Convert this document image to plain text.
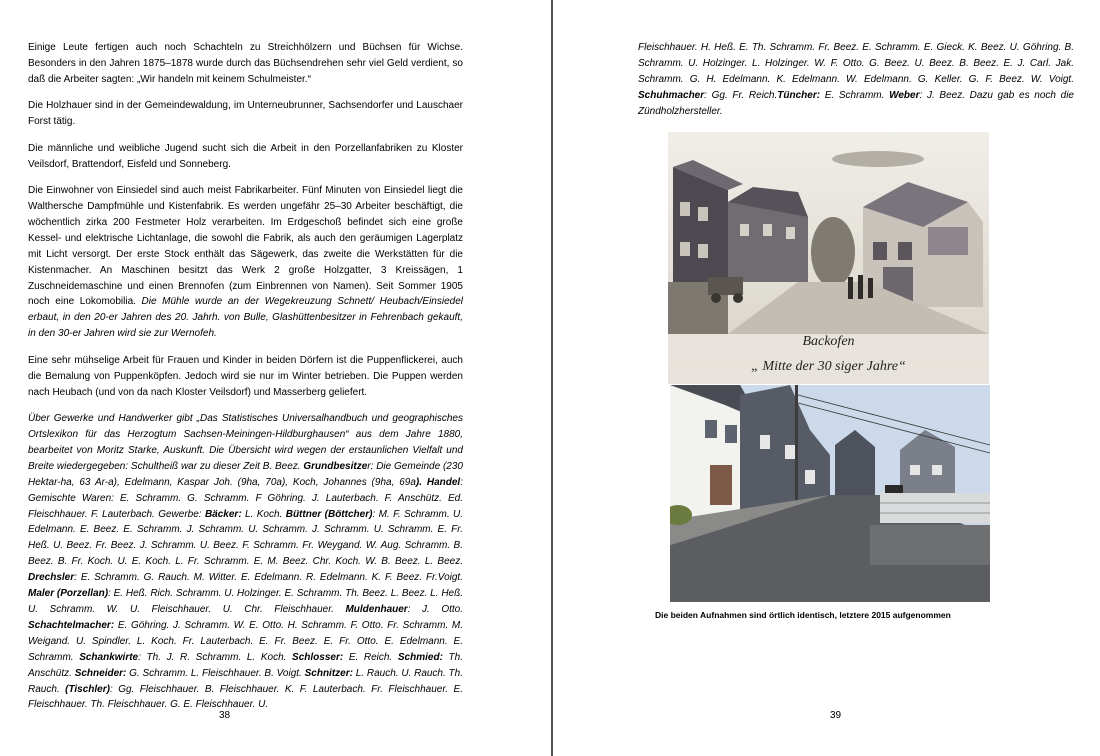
Einige Leute fertigen auch noch Schachteln zu Streichhölzern und Büchsen für Wichse. Besonders in den Jahren 1875–1878 wurde durch das Büchsendrehen sehr viel Geld verdient, so daß die Arbeiter sagten: „Wir handeln mit keinem Schulmeister.“

Die Holzhauer sind in der Gemeindewaldung, im Unterneubrunner, Sachsendorfer und Lauschaer Forst tätig.

Die männliche und weibliche Jugend sucht sich die Arbeit in den Porzellanfabriken zu Kloster Veilsdorf, Brattendorf, Eisfeld und Sonneberg.

Die Einwohner von Einsiedel sind auch meist Fabrikarbeiter. Fünf Minuten von Einsiedel liegt die Walthersche Dampfmühle und Kistenfabrik. Es werden ungefähr 25–30 Arbeiter beschäftigt, die wöchentlich zirka 200 Festmeter Holz verarbeiten. Im Erdgeschoß befindet sich eine große Kessel- und elektrische Lichtanlage, die sowohl die Fabrik, als auch den geräumigen Lagerplatz mit Licht versorgt. Der erste Stock enthält das Sägewerk, das zweite die Werkstätten für die Kistenmacher. An Maschinen besitzt das Werk 2 große Holzgatter, 3 Kreissägen, 1 Zuschneidemaschine und einen Brennofen (zum Einbrennen von Namen). Seit Sommer 1905 noch eine Lokomobilia. Die Mühle wurde an der Wegekreuzung Schnett/ Heubach/Einsiedel erbaut, in den 20-er Jahren des 20. Jahrh. von Bulle, Glashüttenbesitzer in Fehrenbach gekauft, in den 30-er Jahren wird sie zur Wernofeh.

Eine sehr mühselige Arbeit für Frauen und Kinder in beiden Dörfern ist die Puppenflickerei, auch die Bemalung von Puppenköpfen. Jedoch wird sie nur im Winter betrieben. Die Puppen werden nach Heubach (und von da nach Kloster Veilsdorf) und Masserberg geliefert.

Über Gewerke und Handwerker gibt „Das Statistisches Universalhandbuch und geographisches Ortslexikon für das Herzogtum Sachsen-Meiningen-Hildburghausen“ aus dem Jahre 1880, bearbeitet von Moritz Starke, Auskunft. Die Übersicht wird wegen der erstaunlichen Vielfalt und Breite wiedergegeben: Schultheiß war zu dieser Zeit B. Beez. Grundbesitzer: Die Gemeinde (230 Hektar-ha, 63 Ar-a), Edelmann, Kaspar Joh. (9ha, 70a), Koch, Johannes (9ha, 69a). Handel: Gemischte Waren: E. Schramm. G. Schramm. F Göhring. J. Lauterbach. F. Anschütz. Ed. Fleischhauer. F. Lauterbach. Gewerbe: Bäcker: L. Koch. Büttner (Böttcher): M. F. Schramm. U. Edelmann. E. Beez. E. Schramm. J. Schramm. U. Schramm. J. Schramm. U. Schramm. E. Fr. Heß. U. Beez. Fr. Beez. J. Schramm. U. Beez. F. Schramm. Fr. Weygand. W. Aug. Schramm. B. Beez. B. Fr. Koch. U. E. Koch. L. Fr. Schramm. E. M. Beez. Chr. Koch. W. B. Beez. L. Beez. Drechsler: E. Schramm. G. Rauch. M. Witter. E. Edelmann. R. Edelmann. K. F. Beez. Fr.Voigt. Maler (Porzellan): E. Heß. Rich. Schramm. U. Holzinger. E. Schramm. Th. Beez. L. Beez. L. Heß. U. Schramm. W. U. Fleischhauer. U. Chr. Fleischhauer. Muldenhauer: J. Otto. Schachtelmacher: E. Göhring. J. Schramm. W. E. Otto. H. Schramm. F. Otto. Fr. Schramm. M. Weigand. U. Spindler. L. Koch. Fr. Lauterbach. E. Fr. Beez. E. Fr. Otto. E. Edelmann. E. Schramm. Schankwirte: Th. J. R. Schramm. L. Koch. Schlosser: E. Reich. Schmied: Th. Anschütz. Schneider: G. Schramm. L. Fleischhauer. B. Voigt. Schnitzer: L. Rauch. U. Rauch. Th. Rauch. (Tischler): Gg. Fleischhauer. B. Fleischhauer. K. F. Lauterbach. Fr. Fleischhauer. E. Fleischhauer. Th. Fleischhauer. G. E. Fleischhauer. U.

38
Fleischhauer. H. Heß. E. Th. Schramm. Fr. Beez. E. Schramm. E. Gieck. K. Beez. U. Göhring. B. Schramm. U. Holzinger. L. Holzinger. W. F. Otto. G. Beez. U. Beez. B. Beez. E. J. Carl. Jak. Schramm. G. H. Edelmann. K. Edelmann. W. Edelmann. G. Keller. G. F. Beez. W. Voigt. Schuhmacher: Gg. Fr. Reich.Tüncher: E. Schramm. Weber: J. Beez. Dazu gab es noch die Zündholzhersteller.
Backofen
„ Mitte der 30 siger Jahre“
Die beiden Aufnahmen sind örtlich identisch, letztere 2015 aufgenommen
39
